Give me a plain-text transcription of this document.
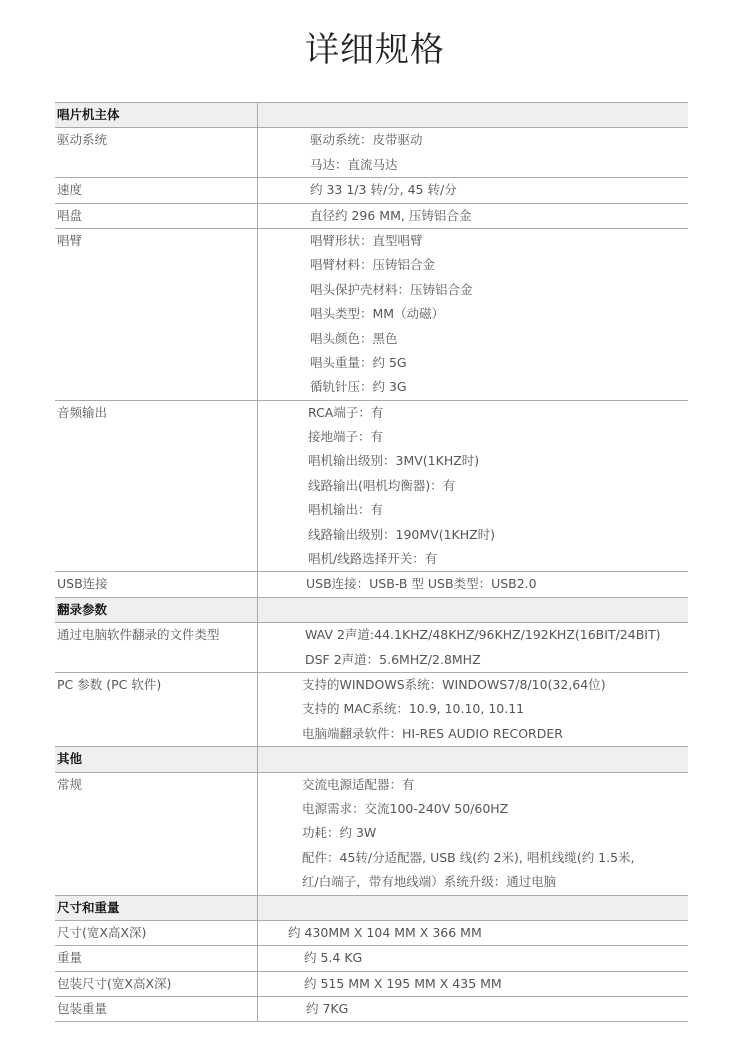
详细规格
唱片机主体
驱动系统	驱动系统：皮带驱动
马达：直流马达
速度	约 33 1/3 转/分, 45 转/分
唱盘	直径约 296 MM, 压铸铝合金
唱臂	唱臂形状：直型唱臂
唱臂材料：压铸铝合金
唱头保护壳材料：压铸铝合金
唱头类型：MM（动磁）
唱头颜色：黑色
唱头重量：约 5G
循轨针压：约 3G
音频输出	RCA端子：有
接地端子：有
唱机输出级别：3MV(1KHZ时)
线路输出(唱机均衡器)：有
唱机输出：有
线路输出级别：190MV(1KHZ时)
唱机/线路选择开关：有
USB连接	USB连接：USB-B 型 USB类型：USB2.0
翻录参数
通过电脑软件翻录的文件类型	WAV 2声道:44.1KHZ/48KHZ/96KHZ/192KHZ(16BIT/24BIT)
DSF 2声道：5.6MHZ/2.8MHZ
PC 参数 (PC 软件)	支持的WINDOWS系统：WINDOWS7/8/10(32,64位)
支持的 MAC系统：10.9, 10.10, 10.11
电脑端翻录软件：HI-RES AUDIO RECORDER
其他
常规	交流电源适配器：有
电源需求：交流100-240V 50/60HZ
功耗：约 3W
配件：45转/分适配器, USB 线(约 2米), 唱机线缆(约 1.5米,
红/白端子，带有地线端）系统升级：通过电脑
尺寸和重量
尺寸(宽X高X深)	约 430MM X 104 MM X 366 MM
重量	约 5.4 KG
包装尺寸(宽X高X深)	约 515 MM X 195 MM X 435 MM
包装重量	约 7KG
